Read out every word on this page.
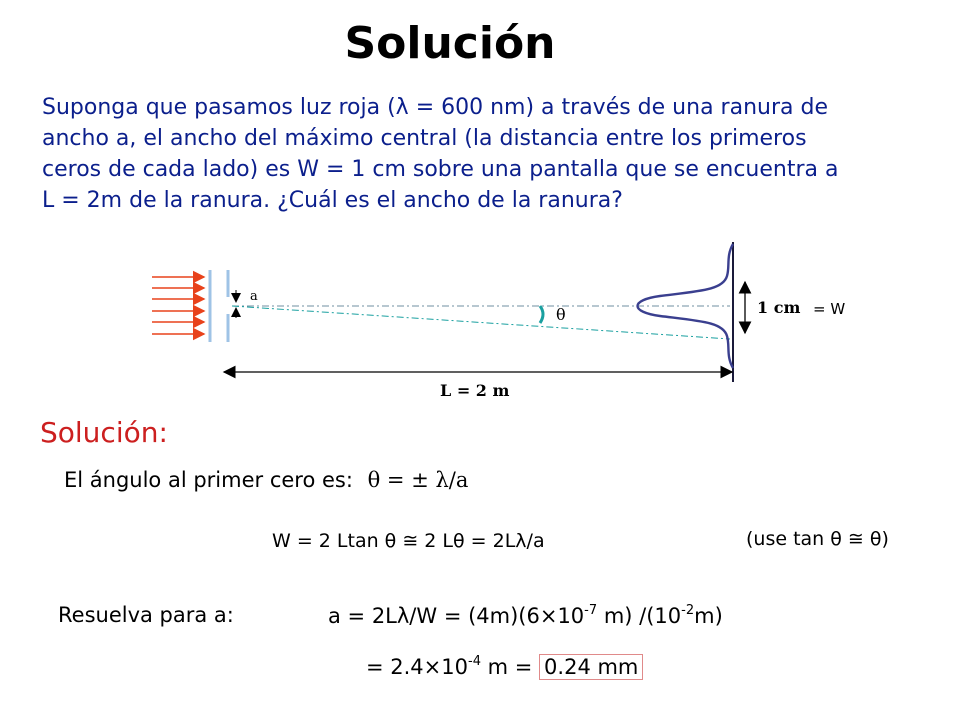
Solución
Suponga que pasamos luz roja (λ = 600 nm) a través de una ranura de
ancho a, el ancho del máximo central (la distancia entre los primeros
ceros de cada lado) es W = 1 cm sobre una pantalla que se encuentra a
L = 2m de la ranura. ¿Cuál es el ancho de la ranura?
a
θ	1 cm = W
L = 2 m
Solución:
El ángulo al primer cero es: θ = ± λ/a
W = 2 Ltan θ ≅ 2 Lθ = 2Lλ/a	(use tan θ ≅ θ)
Resuelva para a:	$a = 2L\lambda/W = (4m)(6\times 10^{-7}$ m) $/(10^{-2}m)$
= $2.4\times 10^{-4}$ m = 0.24 mm
